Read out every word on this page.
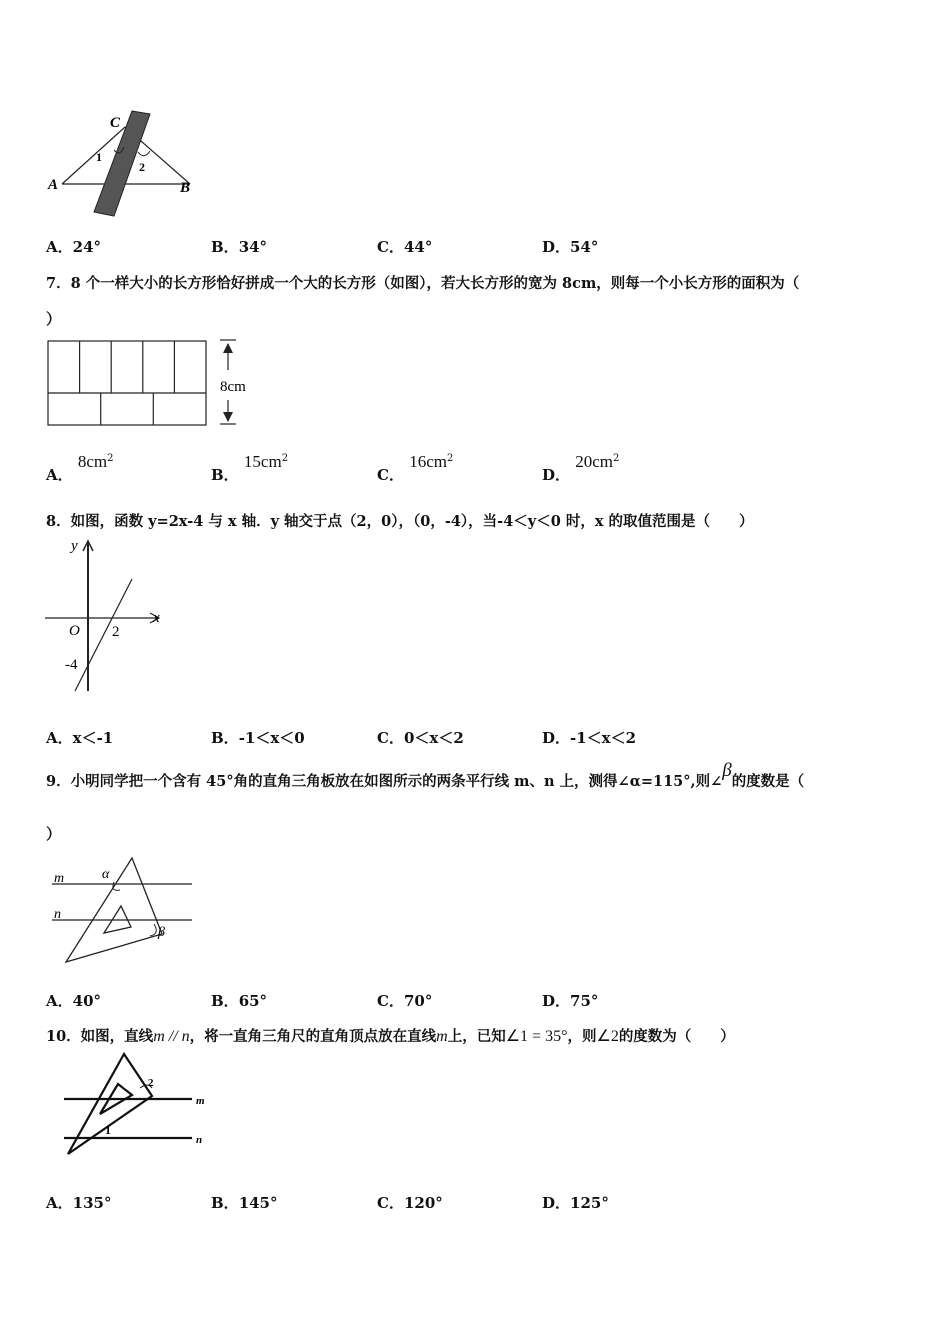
C
A	B
1
2
A．24°	B．34°	C．44°	D．54°
7．8 个一样大小的长方形恰好拼成一个大的长方形（如图），若大长方形的宽为 8cm，则每一个小长方形的面积为（
）
8cm
A． $8cm^2$
B． $15cm^2$
C． $16cm^2$
D． $20cm^2$
8．如图，函数 y=2x-4 与 x 轴．y 轴交于点（2，0），（0，-4），当-4＜y＜0 时，x 的取值范围是（　　）
y
x
O 2
-4
A．x＜-1	B．-1＜x＜0	C．0＜x＜2	D．-1＜x＜2
9．小明同学把一个含有 45°角的直角三角板放在如图所示的两条平行线 m、n 上，测得∠α=115°,则∠β的度数是（
）
m
n
α
β
A．40°	B．65°	C．70°	D．75°
10．如图，直线m // n，将一直角三角尺的直角顶点放在直线m上，已知∠1 = 35°，则∠2的度数为（　　）
m
n
1
2
A．135°	B．145°	C．120°	D．125°
